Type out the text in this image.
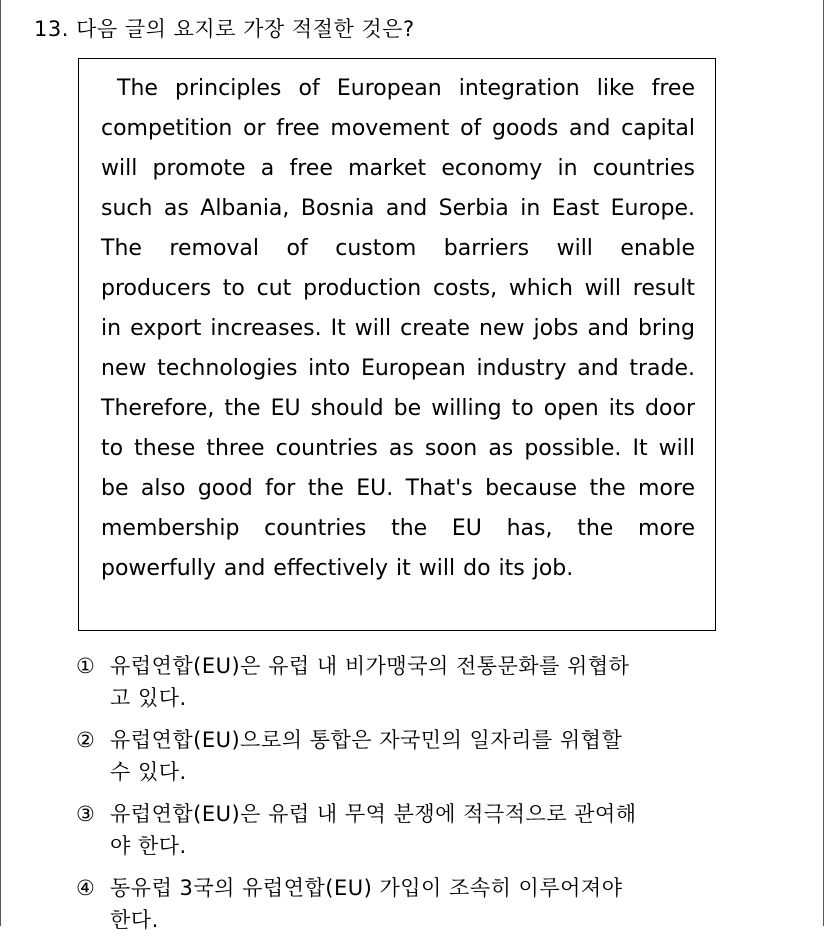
13. 다음 글의 요지로 가장 적절한 것은?

The principles of European integration like free competition or free movement of goods and capital will promote a free market economy in countries such as Albania, Bosnia and Serbia in East Europe. The removal of custom barriers will enable producers to cut production costs, which will result in export increases. It will create new jobs and bring new technologies into European industry and trade. Therefore, the EU should be willing to open its door to these three countries as soon as possible. It will be also good for the EU. That's because the more membership countries the EU has, the more powerfully and effectively it will do its job.

① 유럽연합(EU)은 유럽 내 비가맹국의 전통문화를 위협하
고 있다.
② 유럽연합(EU)으로의 통합은 자국민의 일자리를 위협할
수 있다.
③ 유럽연합(EU)은 유럽 내 무역 분쟁에 적극적으로 관여해
야 한다.
④ 동유럽 3국의 유럽연합(EU) 가입이 조속히 이루어져야
한다.
